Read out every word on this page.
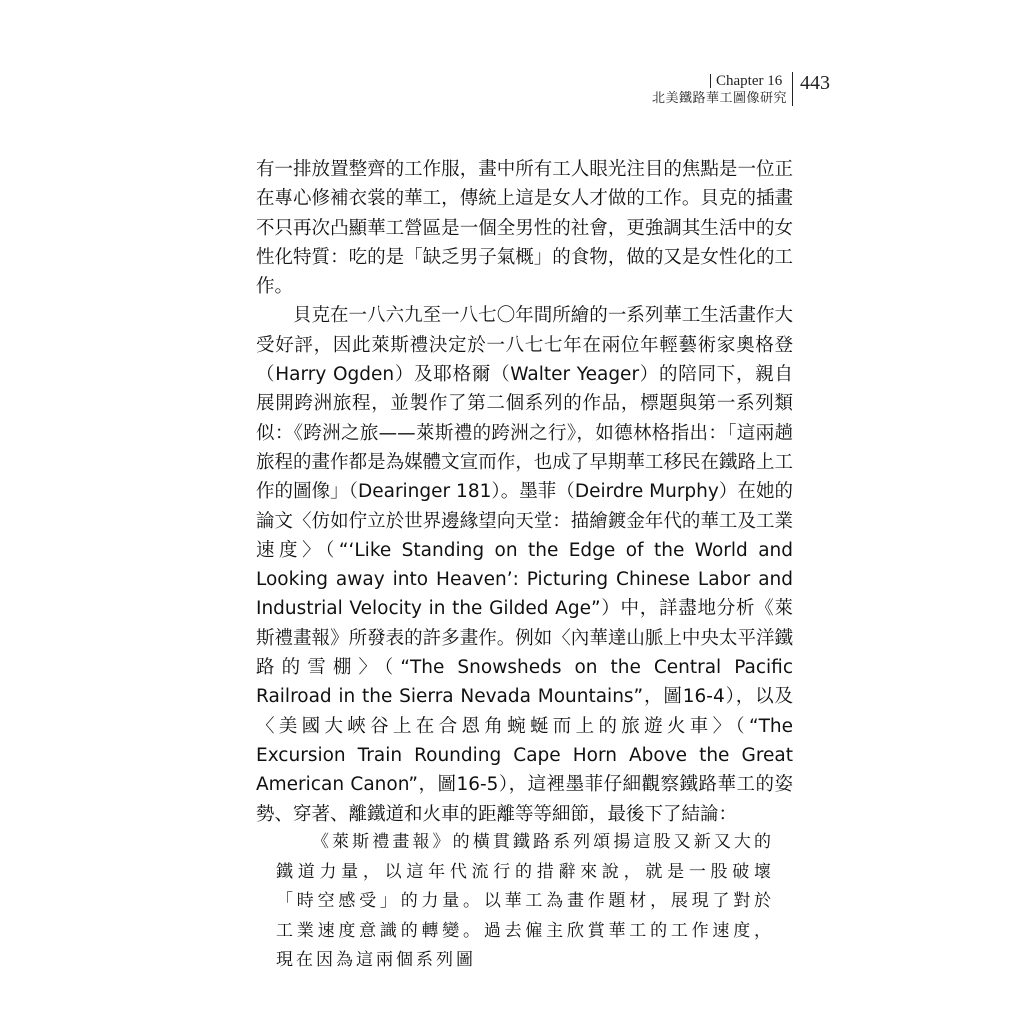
Chapter 16
北美鐵路華工圖像研究
443

有一排放置整齊的工作服，畫中所有工人眼光注目的焦點是一位正在專心修補衣裳的華工，傳統上這是女人才做的工作。貝克的插畫不只再次凸顯華工營區是一個全男性的社會，更強調其生活中的女性化特質：吃的是「缺乏男子氣概」的食物，做的又是女性化的工作。

貝克在一八六九至一八七〇年間所繪的一系列華工生活畫作大受好評，因此萊斯禮決定於一八七七年在兩位年輕藝術家奧格登（Harry Ogden）及耶格爾（Walter Yeager）的陪同下，親自展開跨洲旅程，並製作了第二個系列的作品，標題與第一系列類似：《跨洲之旅——萊斯禮的跨洲之行》，如德林格指出：「這兩趟旅程的畫作都是為媒體文宣而作，也成了早期華工移民在鐵路上工作的圖像」（Dearinger 181）。墨菲（Deirdre Murphy）在她的論文〈仿如佇立於世界邊緣望向天堂：描繪鍍金年代的華工及工業速度〉（“‘Like Standing on the Edge of the World and Looking away into Heaven’: Picturing Chinese Labor and Industrial Velocity in the Gilded Age”）中，詳盡地分析《萊斯禮畫報》所發表的許多畫作。例如〈內華達山脈上中央太平洋鐵路的雪棚〉（“The Snowsheds on the Central Pacific Railroad in the Sierra Nevada Mountains”，圖16-4），以及〈美國大峽谷上在合恩角蜿蜒而上的旅遊火車〉（“The Excursion Train Rounding Cape Horn Above the Great American Canon”，圖16-5），這裡墨菲仔細觀察鐵路華工的姿勢、穿著、離鐵道和火車的距離等等細節，最後下了結論：

《萊斯禮畫報》的橫貫鐵路系列頌揚這股又新又大的鐵道力量，以這年代流行的措辭來說，就是一股破壞「時空感受」的力量。以華工為畫作題材，展現了對於工業速度意識的轉變。過去僱主欣賞華工的工作速度，現在因為這兩個系列圖
